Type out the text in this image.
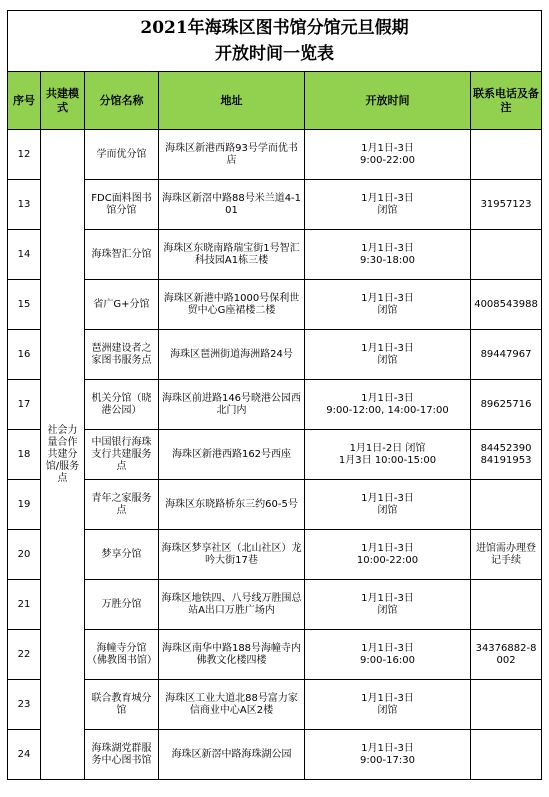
2021年海珠区图书馆分馆元旦假期
开放时间一览表					

序号	共建模式	分馆名称	地址	开放时间	联系电话及备注
12	社会力量合作共建分馆/服务点	学而优分馆	海珠区新港西路93号学而优书店	1月1日-3日
9:00-22:00	
13		FDC面料图书馆分馆	海珠区新滘中路88号米兰道4-101	1月1日-3日
闭馆	31957123
14		海珠智汇分馆	海珠区东晓南路瑞宝街1号智汇科技园A1栋三楼	1月1日-3日
9:30-18:00	
15		省广G+分馆	海珠区新港中路1000号保利世贸中心G座裙楼二楼	1月1日-3日
闭馆	4008543988
16		琶洲建设者之家图书服务点	海珠区琶洲街道海洲路24号	1月1日-3日
闭馆	89447967
17		机关分馆（晓港公园）	海珠区前进路146号晓港公园西北门内	1月1日-3日
9:00-12:00, 14:00-17:00	89625716
18		中国银行海珠支行共建服务点	海珠区新港西路162号西座	1月1日-2日 闭馆
1月3日 10:00-15:00	84452390
84191953
19		青年之家服务点	海珠区东晓路桥东三约60-5号	1月1日-3日
闭馆	
20		梦享分馆	海珠区梦享社区（北山社区）龙吟大街17巷	1月1日-3日
10:00-22:00	进馆需办理登记手续
21		万胜分馆	海珠区地铁四、八号线万胜围总站A出口万胜广场内	1月1日-3日
闭馆	
22		海幢寺分馆（佛教图书馆）	海珠区南华中路188号海幢寺内佛教文化楼四楼	1月1日-3日
9:00-16:00	34376882-8002
23		联合教育城分馆	海珠区工业大道北88号富力家信商业中心A区2楼	1月1日-3日
闭馆	
24		海珠湖党群服务中心图书馆	海珠区新滘中路海珠湖公园	1月1日-3日
9:00-17:30	
